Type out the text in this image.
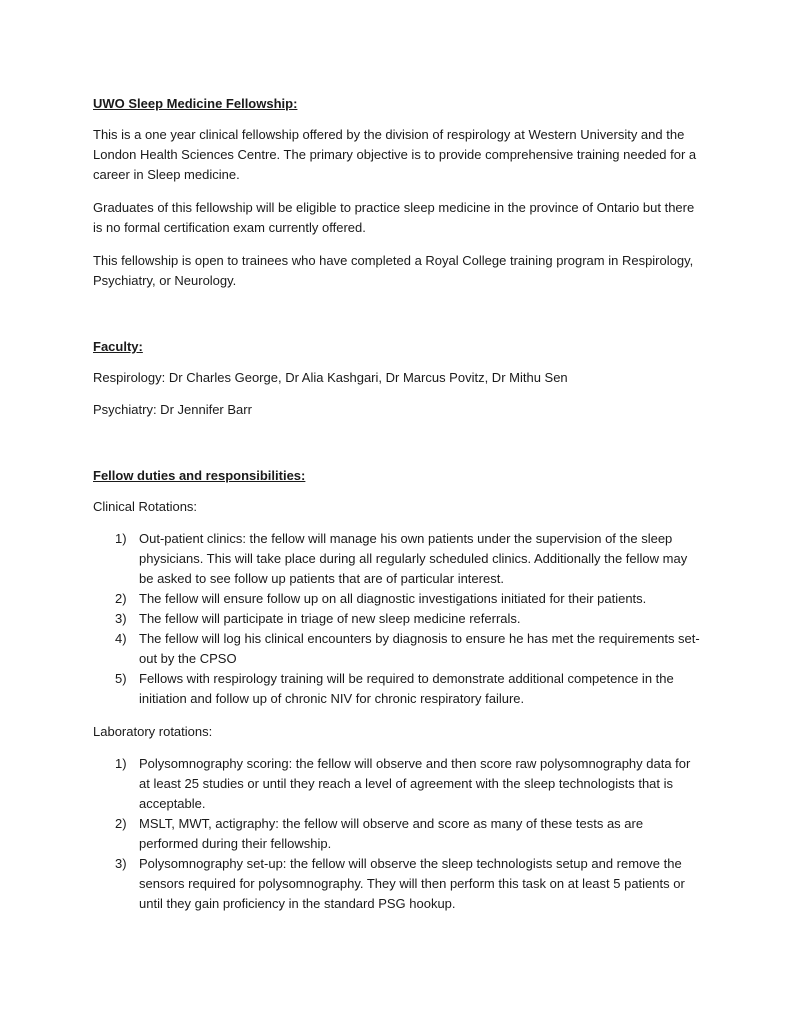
UWO Sleep Medicine Fellowship:

This is a one year clinical fellowship offered by the division of respirology at Western University and the London Health Sciences Centre. The primary objective is to provide comprehensive training needed for a career in Sleep medicine.

Graduates of this fellowship will be eligible to practice sleep medicine in the province of Ontario but there is no formal certification exam currently offered.

This fellowship is open to trainees who have completed a Royal College training program in Respirology, Psychiatry, or Neurology.

Faculty:

Respirology: Dr Charles George, Dr Alia Kashgari, Dr Marcus Povitz, Dr Mithu Sen

Psychiatry: Dr Jennifer Barr

Fellow duties and responsibilities:

Clinical Rotations:

1) Out-patient clinics: the fellow will manage his own patients under the supervision of the sleep physicians. This will take place during all regularly scheduled clinics. Additionally the fellow may be asked to see follow up patients that are of particular interest.
2) The fellow will ensure follow up on all diagnostic investigations initiated for their patients.
3) The fellow will participate in triage of new sleep medicine referrals.
4) The fellow will log his clinical encounters by diagnosis to ensure he has met the requirements set-out by the CPSO
5) Fellows with respirology training will be required to demonstrate additional competence in the initiation and follow up of chronic NIV for chronic respiratory failure.

Laboratory rotations:

1) Polysomnography scoring: the fellow will observe and then score raw polysomnography data for at least 25 studies or until they reach a level of agreement with the sleep technologists that is acceptable.
2) MSLT, MWT, actigraphy: the fellow will observe and score as many of these tests as are performed during their fellowship.
3) Polysomnography set-up: the fellow will observe the sleep technologists setup and remove the sensors required for polysomnography. They will then perform this task on at least 5 patients or until they gain proficiency in the standard PSG hookup.
